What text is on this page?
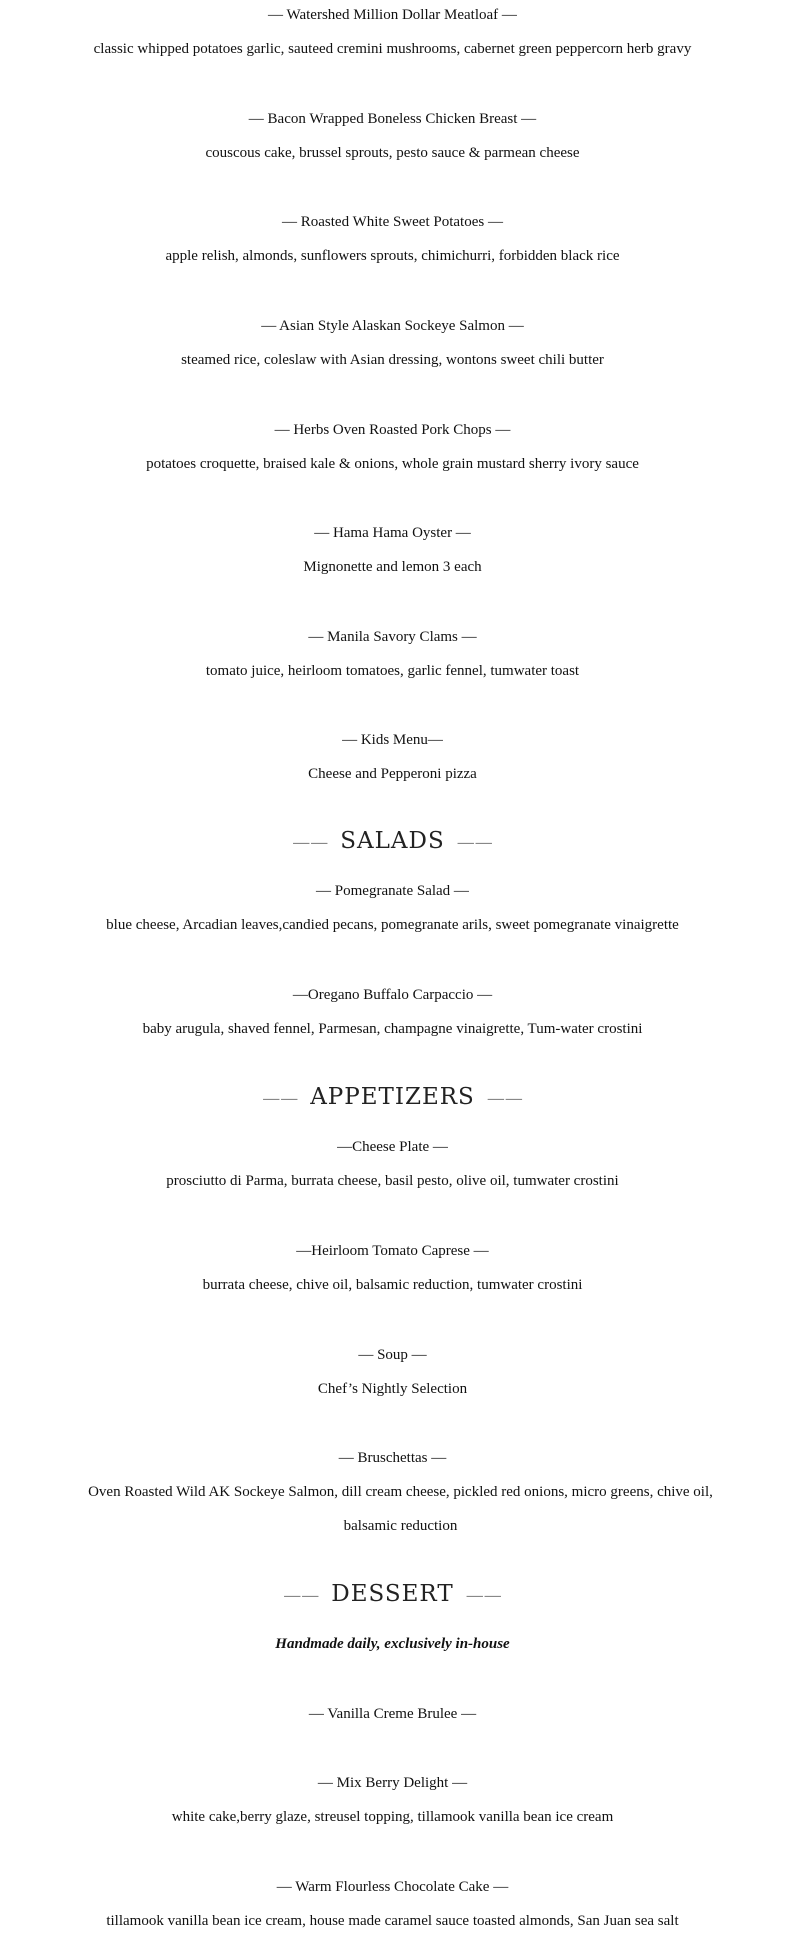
— Watershed Million Dollar Meatloaf —
classic whipped potatoes garlic, sauteed cremini mushrooms, cabernet green peppercorn herb gravy
— Bacon Wrapped Boneless Chicken Breast —
couscous cake, brussel sprouts, pesto sauce & parmean cheese
— Roasted White Sweet Potatoes —
apple relish, almonds, sunflowers sprouts, chimichurri, forbidden black rice
— Asian Style Alaskan Sockeye Salmon —
steamed rice, coleslaw with Asian dressing, wontons sweet chili butter
— Herbs Oven Roasted Pork Chops —
potatoes croquette, braised kale & onions, whole grain mustard sherry ivory sauce
— Hama Hama Oyster —
Mignonette and lemon 3 each
— Manila Savory Clams —
tomato juice, heirloom tomatoes, garlic fennel, tumwater toast
— Kids Menu—
Cheese and Pepperoni pizza
—— SALADS ——
— Pomegranate Salad —
blue cheese, Arcadian leaves,candied pecans, pomegranate arils, sweet pomegranate vinaigrette
—Oregano Buffalo Carpaccio —
baby arugula, shaved fennel, Parmesan, champagne vinaigrette, Tum-water crostini
—— APPETIZERS ——
—Cheese Plate —
prosciutto di Parma, burrata cheese, basil pesto, olive oil, tumwater crostini
—Heirloom Tomato Caprese —
burrata cheese, chive oil, balsamic reduction, tumwater crostini
— Soup —
Chef’s Nightly Selection
— Bruschettas —
Oven Roasted Wild AK Sockeye Salmon, dill cream cheese, pickled red onions, micro greens, chive oil, balsamic reduction
—— DESSERT ——
Handmade daily, exclusively in-house
— Vanilla Creme Brulee —
— Mix Berry Delight —
white cake,berry glaze, streusel topping, tillamook vanilla bean ice cream
— Warm Flourless Chocolate Cake —
tillamook vanilla bean ice cream, house made caramel sauce toasted almonds, San Juan sea salt
